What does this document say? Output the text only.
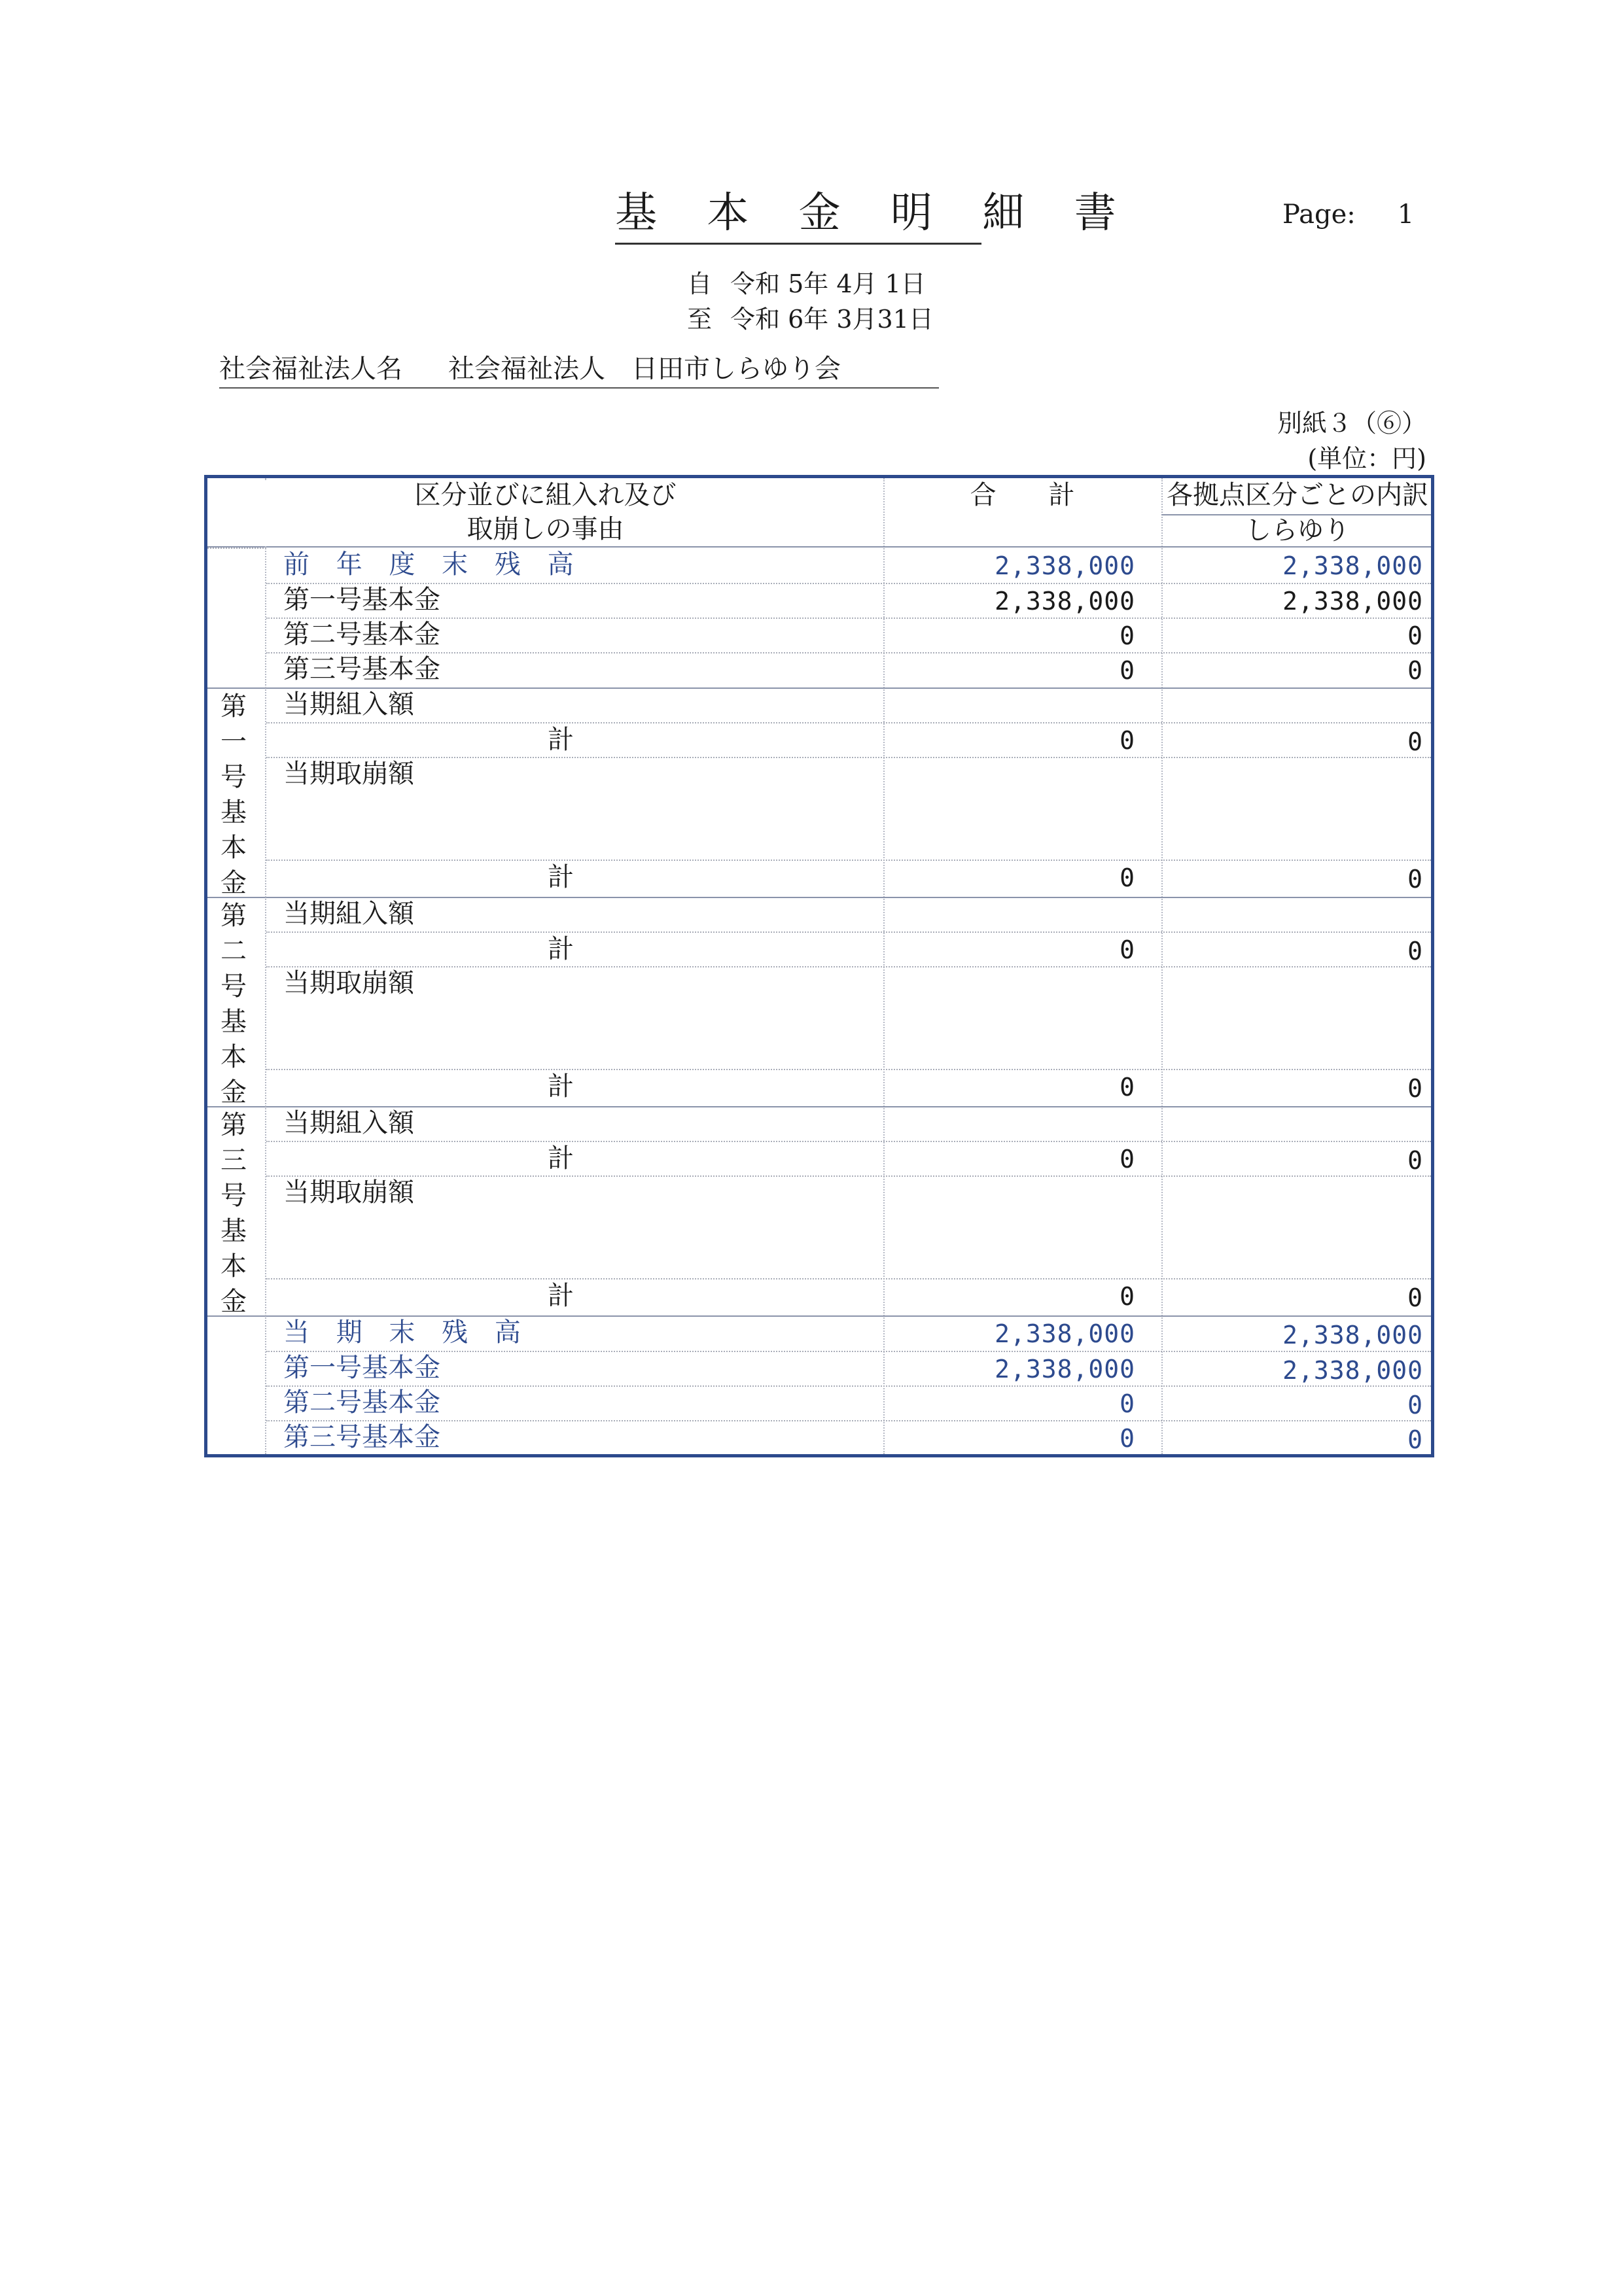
基 本 金 明 細 書	Page: 1
自 令和 5年 4月 1日
至 令和 6年 3月31日
社会福祉法人名 社会福祉法人　日田市しらゆり会
別紙３（⑥）
(単位：円)
区分並びに組入れ及び
取崩しの事由
合　　計	各拠点区分ごとの内訳
しらゆり
前 年 度 末 残 高	2,338,000	2,338,000
第一号基本金	2,338,000	2,338,000
第二号基本金	0	0
第三号基本金	0	0
第
一
号
基
本
金
当期組入額
計	0	0
当期取崩額
計	0	0
第
二
号
基
本
金
当期組入額
計	0	0
当期取崩額
計	0	0
第
三
号
基
本
金
当期組入額
計	0	0
当期取崩額
計	0	0
当 期 末 残 高	2,338,000	2,338,000
第一号基本金	2,338,000	2,338,000
第二号基本金	0	0
第三号基本金	0	0
